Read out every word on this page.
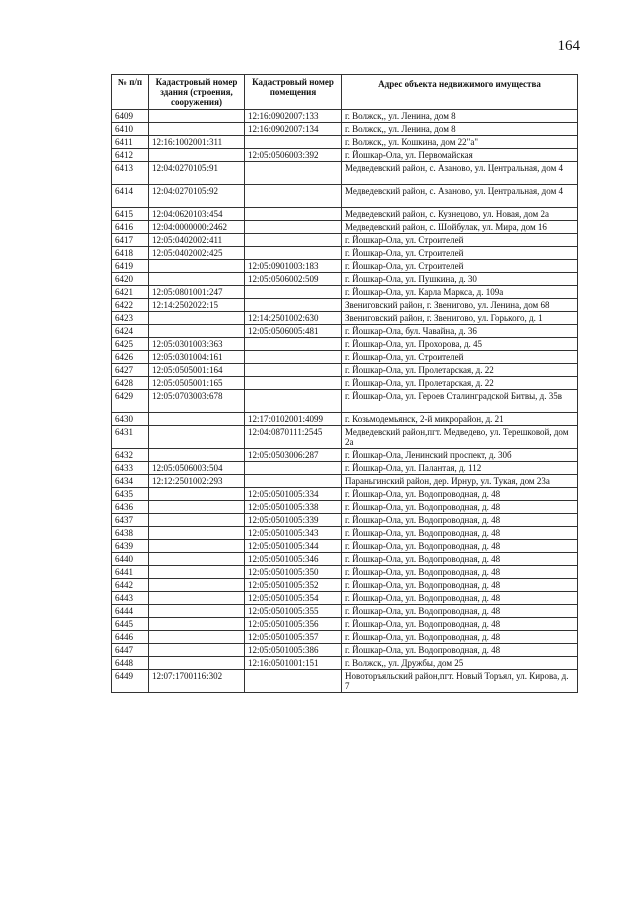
164
№ п/п	Кадастровый номер здания (строения, сооружения)	Кадастровый номер помещения	Адрес объекта недвижимого имущества
6409		12:16:0902007:133	г. Волжск,, ул. Ленина, дом 8
6410		12:16:0902007:134	г. Волжск,, ул. Ленина, дом 8
6411	12:16:1002001:311		г. Волжск,, ул. Кошкина, дом 22"а"
6412		12:05:0506003:392	г. Йошкар-Ола, ул. Первомайская
6413	12:04:0270105:91		Медведевский район, с. Азаново, ул. Центральная, дом 4
6414	12:04:0270105:92		Медведевский район, с. Азаново, ул. Центральная, дом 4
6415	12:04:0620103:454		Медведевский район, с. Кузнецово, ул. Новая, дом 2а
6416	12:04:0000000:2462		Медведевский район, с. Шойбулак, ул. Мира, дом 16
6417	12:05:0402002:411		г. Йошкар-Ола, ул. Строителей
6418	12:05:0402002:425		г. Йошкар-Ола, ул. Строителей
6419		12:05:0901003:183	г. Йошкар-Ола, ул. Строителей
6420		12:05:0506002:509	г. Йошкар-Ола, ул. Пушкина, д. 30
6421	12:05:0801001:247		г. Йошкар-Ола, ул. Карла Маркса, д. 109а
6422	12:14:2502022:15		Звениговский район, г. Звенигово, ул. Ленина, дом 68
6423		12:14:2501002:630	Звениговский район, г. Звенигово, ул. Горького, д. 1
6424		12:05:0506005:481	г. Йошкар-Ола, бул. Чавайна, д. 36
6425	12:05:0301003:363		г. Йошкар-Ола, ул. Прохорова, д. 45
6426	12:05:0301004:161		г. Йошкар-Ола, ул. Строителей
6427	12:05:0505001:164		г. Йошкар-Ола, ул. Пролетарская, д. 22
6428	12:05:0505001:165		г. Йошкар-Ола, ул. Пролетарская, д. 22
6429	12:05:0703003:678		г. Йошкар-Ола, ул. Героев Сталинградской Битвы, д. 35в
6430		12:17:0102001:4099	г. Козьмодемьянск, 2-й микрорайон, д. 21
6431		12:04:0870111:2545	Медведевский район,пгт. Медведево, ул. Терешковой, дом 2а
6432		12:05:0503006:287	г. Йошкар-Ола, Ленинский проспект, д. 30б
6433	12:05:0506003:504		г. Йошкар-Ола, ул. Палантая, д. 112
6434	12:12:2501002:293		Параньгинский район, дер. Ирнур, ул. Тукая, дом 23а
6435		12:05:0501005:334	г. Йошкар-Ола, ул. Водопроводная, д. 48
6436		12:05:0501005:338	г. Йошкар-Ола, ул. Водопроводная, д. 48
6437		12:05:0501005:339	г. Йошкар-Ола, ул. Водопроводная, д. 48
6438		12:05:0501005:343	г. Йошкар-Ола, ул. Водопроводная, д. 48
6439		12:05:0501005:344	г. Йошкар-Ола, ул. Водопроводная, д. 48
6440		12:05:0501005:346	г. Йошкар-Ола, ул. Водопроводная, д. 48
6441		12:05:0501005:350	г. Йошкар-Ола, ул. Водопроводная, д. 48
6442		12:05:0501005:352	г. Йошкар-Ола, ул. Водопроводная, д. 48
6443		12:05:0501005:354	г. Йошкар-Ола, ул. Водопроводная, д. 48
6444		12:05:0501005:355	г. Йошкар-Ола, ул. Водопроводная, д. 48
6445		12:05:0501005:356	г. Йошкар-Ола, ул. Водопроводная, д. 48
6446		12:05:0501005:357	г. Йошкар-Ола, ул. Водопроводная, д. 48
6447		12:05:0501005:386	г. Йошкар-Ола, ул. Водопроводная, д. 48
6448		12:16:0501001:151	г. Волжск,, ул. Дружбы, дом 25
6449	12:07:1700116:302		Новоторъяльский район,пгт. Новый Торъял, ул. Кирова, д. 7
